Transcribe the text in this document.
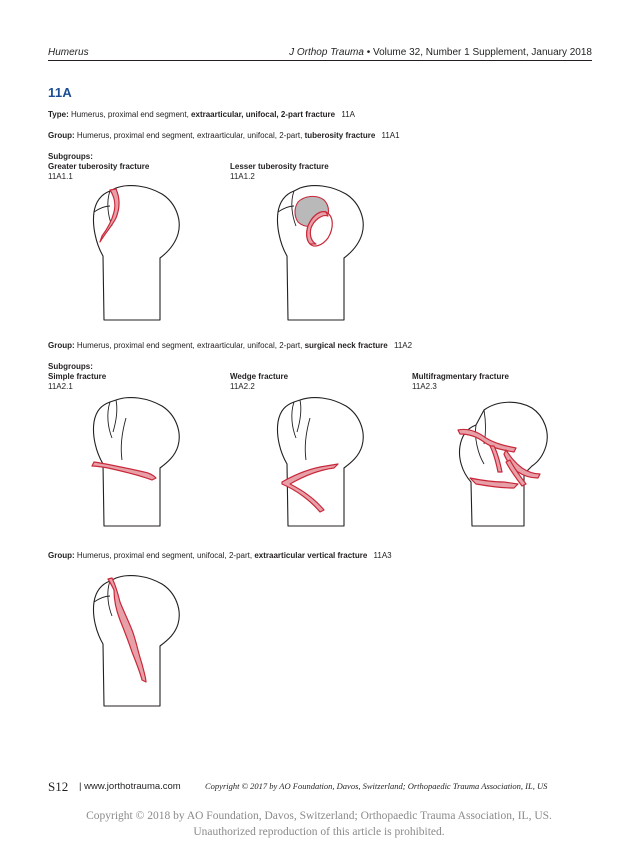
Humerus	J Orthop Trauma • Volume 32, Number 1 Supplement, January 2018
11A
Type: Humerus, proximal end segment, extraarticular, unifocal, 2-part fracture 11A
Group: Humerus, proximal end segment, extraarticular, unifocal, 2-part, tuberosity fracture 11A1
Subgroups:
Greater tuberosity fracture
11A1.1
Lesser tuberosity fracture
11A1.2
Group: Humerus, proximal end segment, extraarticular, unifocal, 2-part, surgical neck fracture 11A2
Subgroups:
Simple fracture
11A2.1
Wedge fracture
11A2.2
Multifragmentary fracture
11A2.3
Group: Humerus, proximal end segment, unifocal, 2-part, extraarticular vertical fracture 11A3
S12 | www.jorthotrauma.com	Copyright © 2017 by AO Foundation, Davos, Switzerland; Orthopaedic Trauma Association, IL, US
Copyright © 2018 by AO Foundation, Davos, Switzerland; Orthopaedic Trauma Association, IL, US.
Unauthorized reproduction of this article is prohibited.
